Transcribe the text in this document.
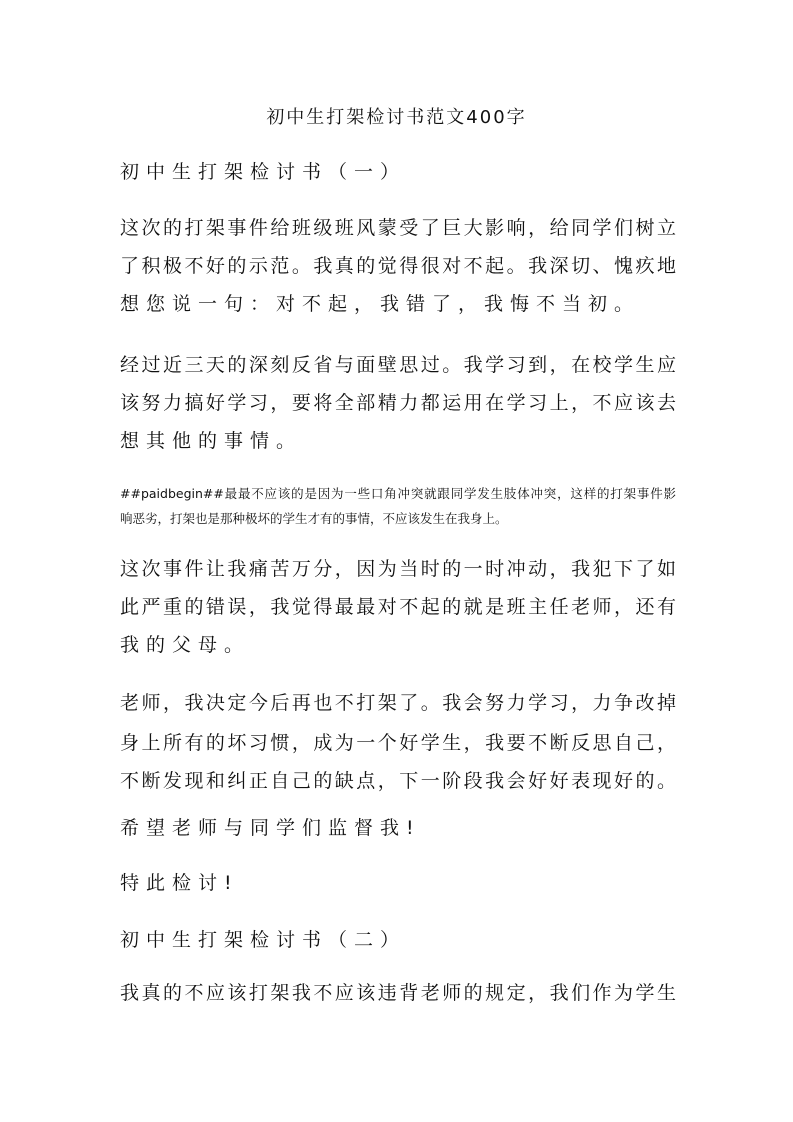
初中生打架检讨书范文400字
初中生打架检讨书（一）
这次的打架事件给班级班风蒙受了巨大影响，给同学们树立
了积极不好的示范。我真的觉得很对不起。我深切、愧疚地
想您说一句：对不起，我错了，我悔不当初。
经过近三天的深刻反省与面壁思过。我学习到，在校学生应
该努力搞好学习，要将全部精力都运用在学习上，不应该去
想其他的事情。
##paidbegin##最最不应该的是因为一些口角冲突就跟同学发生肢体冲突，这样的打架事件影
响恶劣，打架也是那种极坏的学生才有的事情，不应该发生在我身上。
这次事件让我痛苦万分，因为当时的一时冲动，我犯下了如
此严重的错误，我觉得最最对不起的就是班主任老师，还有
我的父母。
老师，我决定今后再也不打架了。我会努力学习，力争改掉
身上所有的坏习惯，成为一个好学生，我要不断反思自己，
不断发现和纠正自己的缺点，下一阶段我会好好表现好的。
希望老师与同学们监督我!
特此检讨!
初中生打架检讨书（二）
我真的不应该打架我不应该违背老师的规定，我们作为学生
